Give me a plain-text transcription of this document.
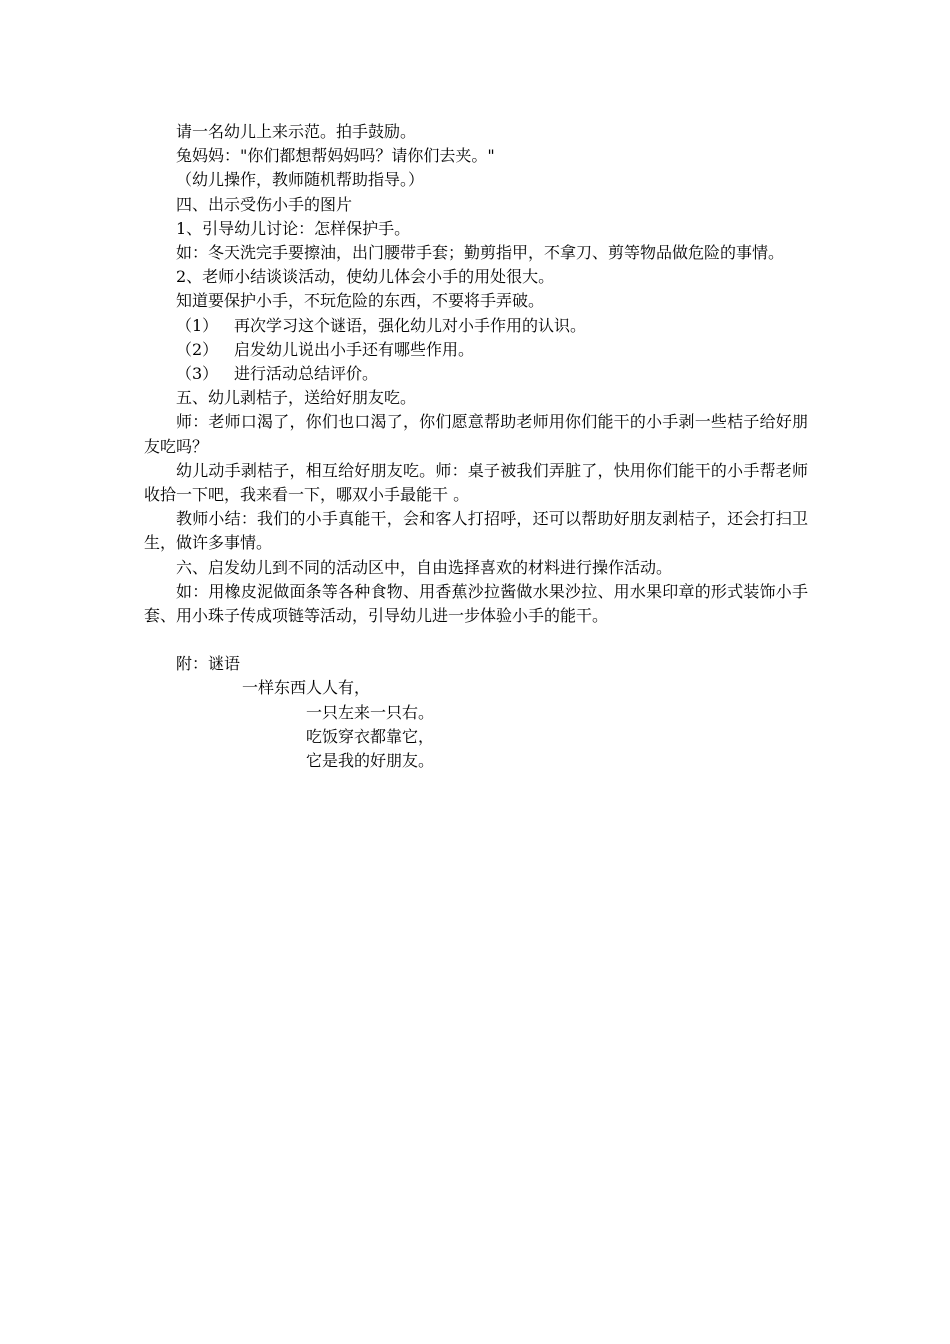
请一名幼儿上来示范。拍手鼓励。

兔妈妈："你们都想帮妈妈吗？请你们去夹。"

（幼儿操作，教师随机帮助指导。）

四、出示受伤小手的图片

1、引导幼儿讨论：怎样保护手。

如：冬天洗完手要擦油，出门腰带手套；勤剪指甲，不拿刀、剪等物品做危险的事情。

2、老师小结谈谈活动，使幼儿体会小手的用处很大。

知道要保护小手，不玩危险的东西，不要将手弄破。

（1） 再次学习这个谜语，强化幼儿对小手作用的认识。

（2） 启发幼儿说出小手还有哪些作用。

（3） 进行活动总结评价。

五、幼儿剥桔子，送给好朋友吃。

师：老师口渴了，你们也口渴了，你们愿意帮助老师用你们能干的小手剥一些桔子给好朋友吃吗？

幼儿动手剥桔子，相互给好朋友吃。师：桌子被我们弄脏了，快用你们能干的小手帮老师收拾一下吧，我来看一下，哪双小手最能干 。

教师小结：我们的小手真能干，会和客人打招呼，还可以帮助好朋友剥桔子，还会打扫卫生，做许多事情。

六、启发幼儿到不同的活动区中，自由选择喜欢的材料进行操作活动。

如：用橡皮泥做面条等各种食物、用香蕉沙拉酱做水果沙拉、用水果印章的形式装饰小手套、用小珠子传成项链等活动，引导幼儿进一步体验小手的能干。

附：谜语

一样东西人人有，

一只左来一只右。

吃饭穿衣都靠它，

它是我的好朋友。
